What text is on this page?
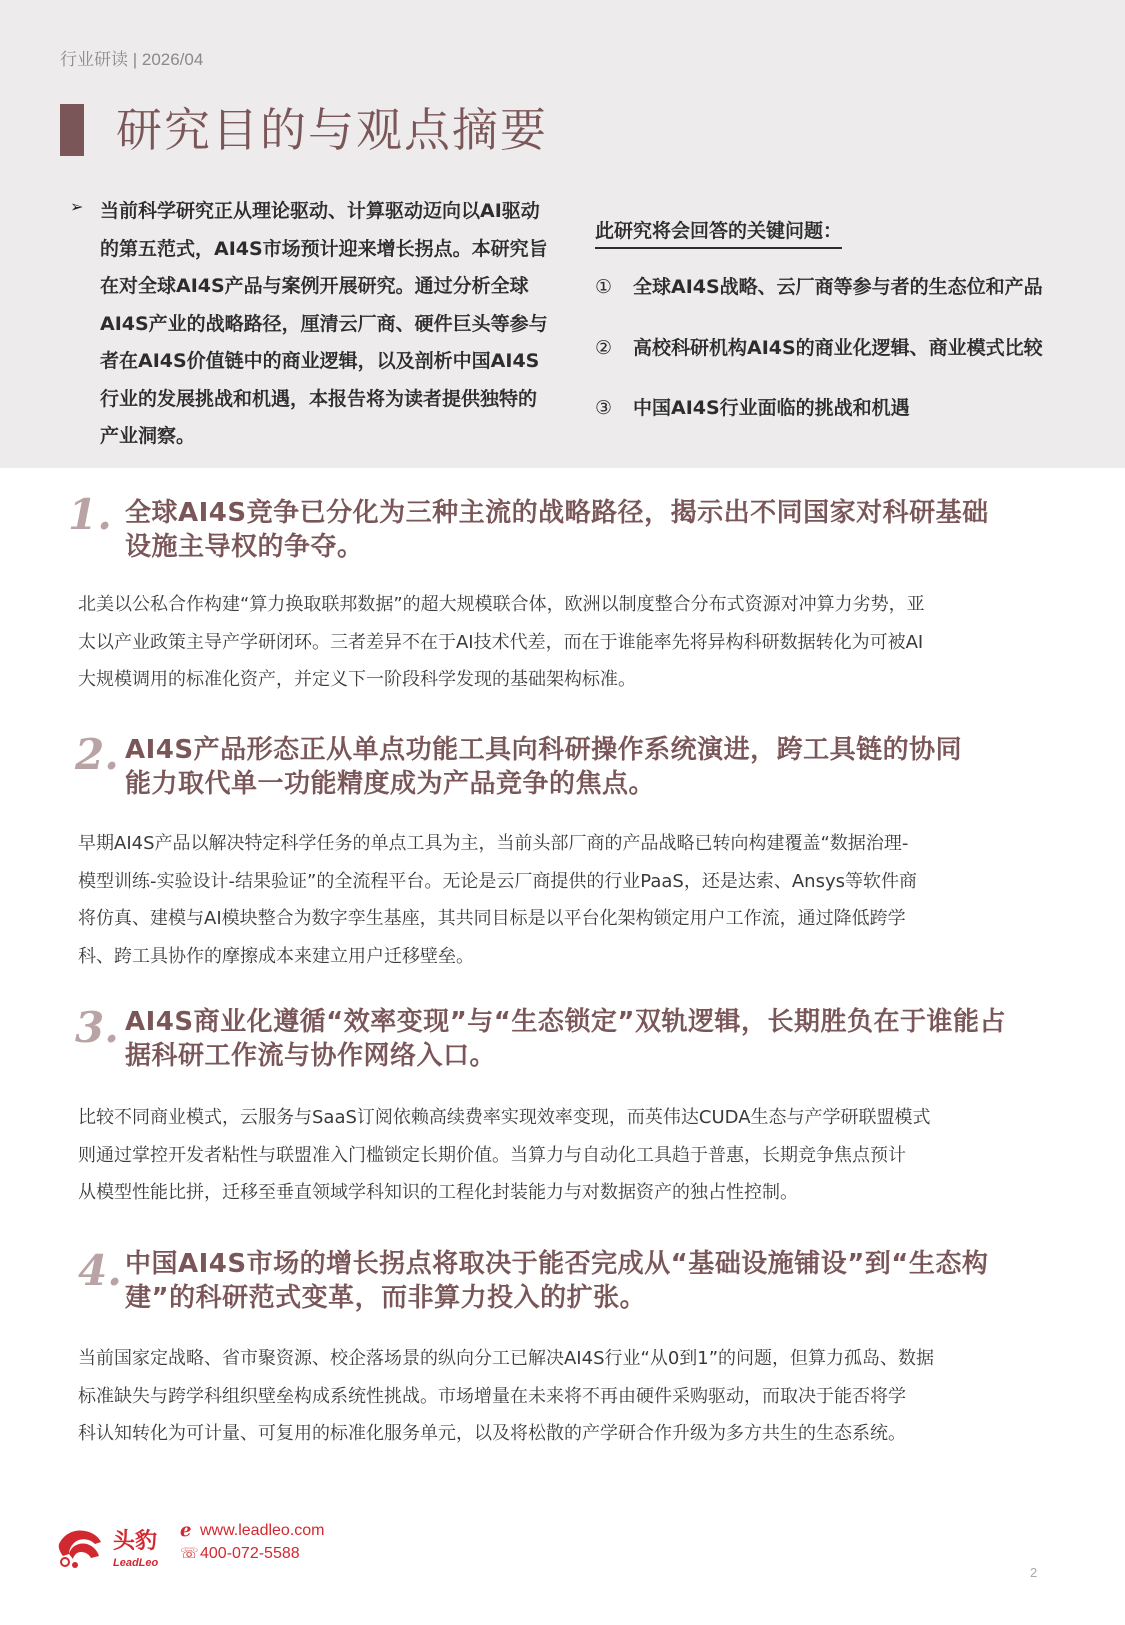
行业研读 | 2026/04
研究目的与观点摘要
➢ 当前科学研究正从理论驱动、计算驱动迈向以AI驱动的第五范式，AI4S市场预计迎来增长拐点。本研究旨在对全球AI4S产品与案例开展研究。通过分析全球AI4S产业的战略路径，厘清云厂商、硬件巨头等参与者在AI4S价值链中的商业逻辑，以及剖析中国AI4S行业的发展挑战和机遇，本报告将为读者提供独特的产业洞察。

此研究将会回答的关键问题：
① 全球AI4S战略、云厂商等参与者的生态位和产品
② 高校科研机构AI4S的商业化逻辑、商业模式比较
③ 中国AI4S行业面临的挑战和机遇
1. 全球AI4S竞争已分化为三种主流的战略路径，揭示出不同国家对科研基础
设施主导权的争夺。
北美以公私合作构建“算力换取联邦数据”的超大规模联合体，欧洲以制度整合分布式资源对冲算力劣势，亚
太以产业政策主导产学研闭环。三者差异不在于AI技术代差，而在于谁能率先将异构科研数据转化为可被AI
大规模调用的标准化资产，并定义下一阶段科学发现的基础架构标准。
2. AI4S产品形态正从单点功能工具向科研操作系统演进，跨工具链的协同
能力取代单一功能精度成为产品竞争的焦点。
早期AI4S产品以解决特定科学任务的单点工具为主，当前头部厂商的产品战略已转向构建覆盖“数据治理-
模型训练-实验设计-结果验证”的全流程平台。无论是云厂商提供的行业PaaS，还是达索、Ansys等软件商
将仿真、建模与AI模块整合为数字孪生基座，其共同目标是以平台化架构锁定用户工作流，通过降低跨学
科、跨工具协作的摩擦成本来建立用户迁移壁垒。
3. AI4S商业化遵循“效率变现”与“生态锁定”双轨逻辑，长期胜负在于谁能占
据科研工作流与协作网络入口。
比较不同商业模式，云服务与SaaS订阅依赖高续费率实现效率变现，而英伟达CUDA生态与产学研联盟模式
则通过掌控开发者粘性与联盟准入门槛锁定长期价值。当算力与自动化工具趋于普惠，长期竞争焦点预计
从模型性能比拼，迁移至垂直领域学科知识的工程化封装能力与对数据资产的独占性控制。
4. 中国AI4S市场的增长拐点将取决于能否完成从“基础设施铺设”到“生态构
建”的科研范式变革，而非算力投入的扩张。
当前国家定战略、省市聚资源、校企落场景的纵向分工已解决AI4S行业“从0到1”的问题，但算力孤岛、数据
标准缺失与跨学科组织壁垒构成系统性挑战。市场增量在未来将不再由硬件采购驱动，而取决于能否将学
科认知转化为可计量、可复用的标准化服务单元，以及将松散的产学研合作升级为多方共生的生态系统。
头豹
LeadLeo
ℯ www.leadleo.com
☏ 400-072-5588
2
